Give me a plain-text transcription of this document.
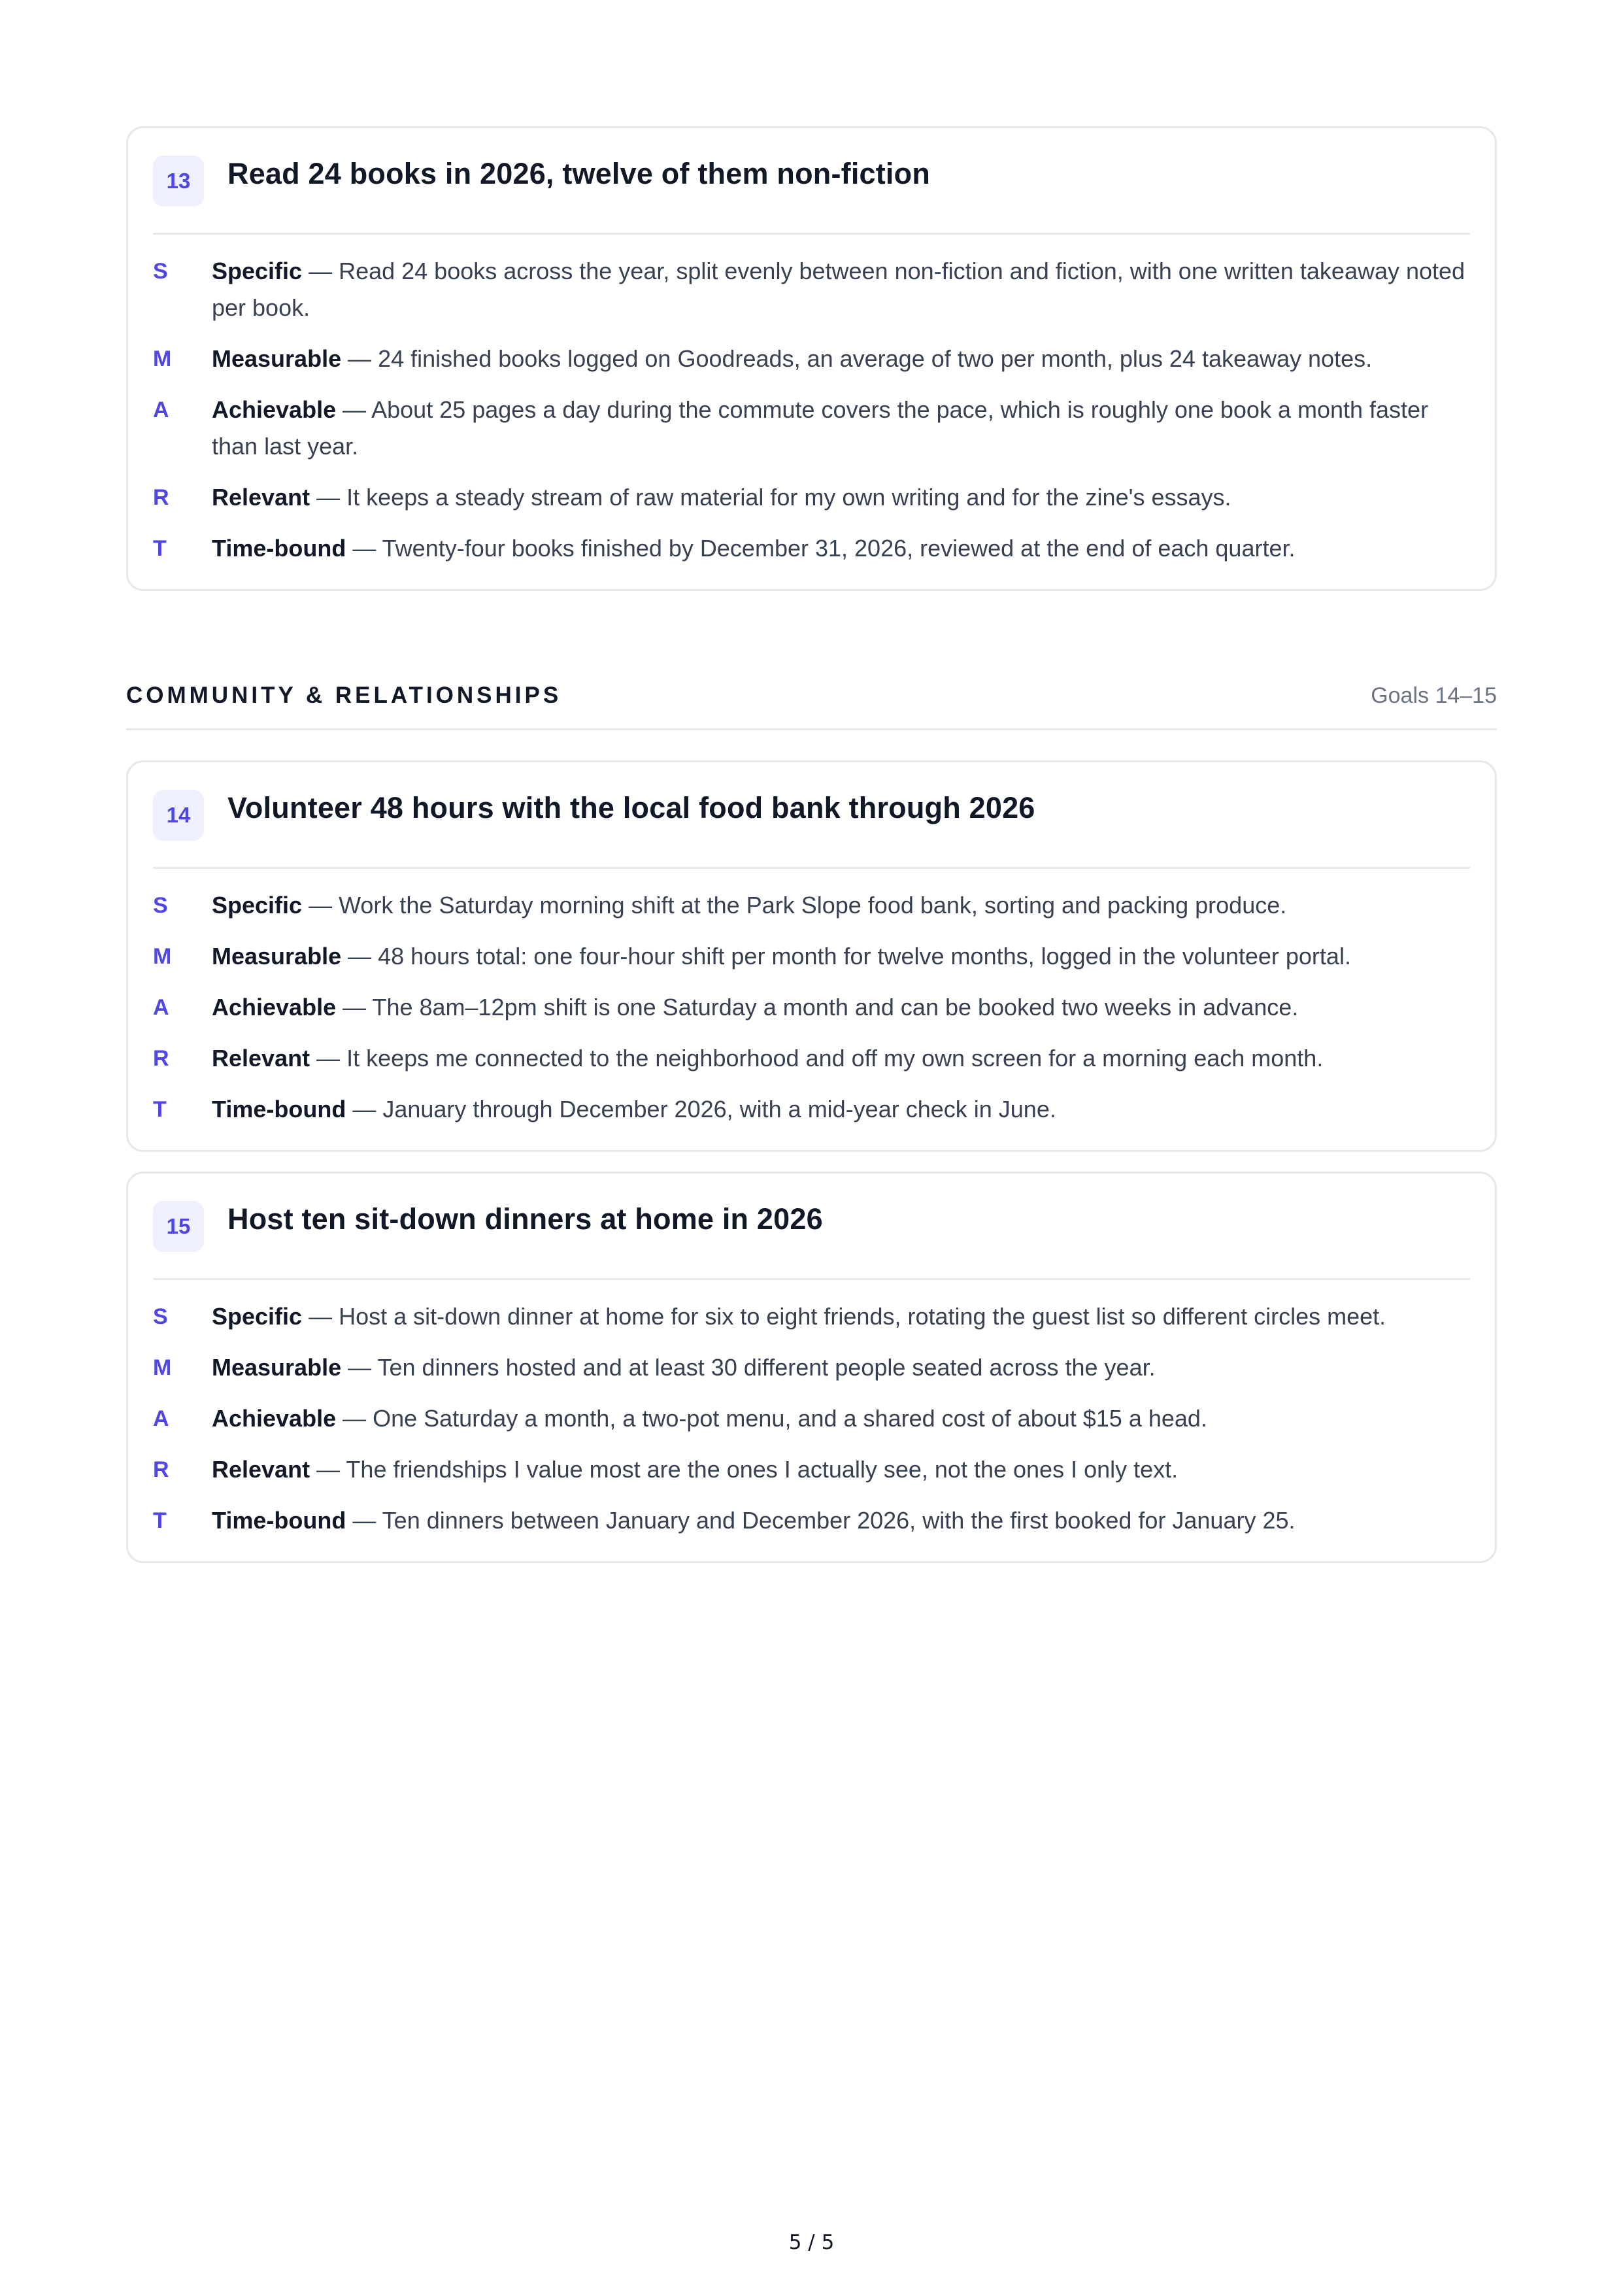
13	Read 24 books in 2026, twelve of them non-fiction
S	Specific — Read 24 books across the year, split evenly between non-fiction and fiction, with one written takeaway noted per book.
M	Measurable — 24 finished books logged on Goodreads, an average of two per month, plus 24 takeaway notes.
A	Achievable — About 25 pages a day during the commute covers the pace, which is roughly one book a month faster than last year.
R	Relevant — It keeps a steady stream of raw material for my own writing and for the zine's essays.
T	Time-bound — Twenty-four books finished by December 31, 2026, reviewed at the end of each quarter.
COMMUNITY & RELATIONSHIPS	Goals 14–15
14	Volunteer 48 hours with the local food bank through 2026
S	Specific — Work the Saturday morning shift at the Park Slope food bank, sorting and packing produce.
M	Measurable — 48 hours total: one four-hour shift per month for twelve months, logged in the volunteer portal.
A	Achievable — The 8am–12pm shift is one Saturday a month and can be booked two weeks in advance.
R	Relevant — It keeps me connected to the neighborhood and off my own screen for a morning each month.
T	Time-bound — January through December 2026, with a mid-year check in June.
15	Host ten sit-down dinners at home in 2026
S	Specific — Host a sit-down dinner at home for six to eight friends, rotating the guest list so different circles meet.
M	Measurable — Ten dinners hosted and at least 30 different people seated across the year.
A	Achievable — One Saturday a month, a two-pot menu, and a shared cost of about $15 a head.
R	Relevant — The friendships I value most are the ones I actually see, not the ones I only text.
T	Time-bound — Ten dinners between January and December 2026, with the first booked for January 25.
5 / 5
